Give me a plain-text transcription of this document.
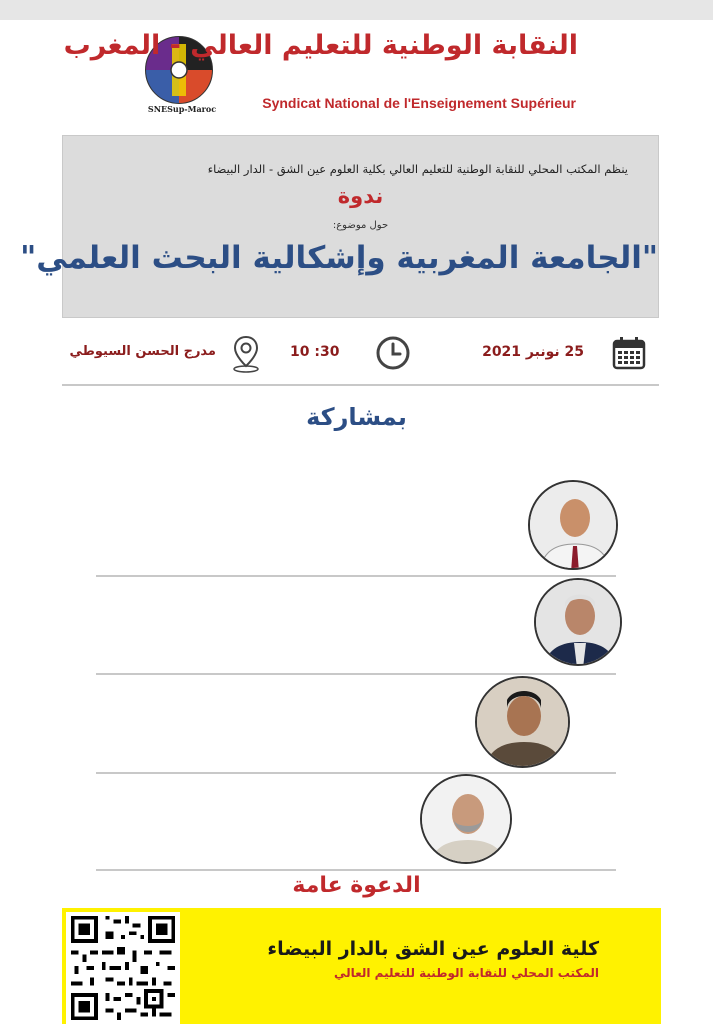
SNESup-Maroc
النقابة الوطنية للتعليم العالي - المغرب
Syndicat National de l'Enseignement Supérieur
ينظم المكتب المحلي للنقابة الوطنية للتعليم العالي بكلية العلوم عين الشق - الدار البيضاء
ندوة
حول موضوع:
"الجامعة المغربية وإشكالية البحث العلمي"
25 نونبر 2021
10 :30
مدرج الحسن السيوطي
بمشاركة
الدعوة عامة
كلية العلوم عين الشق بالدار البيضاء
المكتب المحلي للنقابة الوطنية للتعليم العالي
